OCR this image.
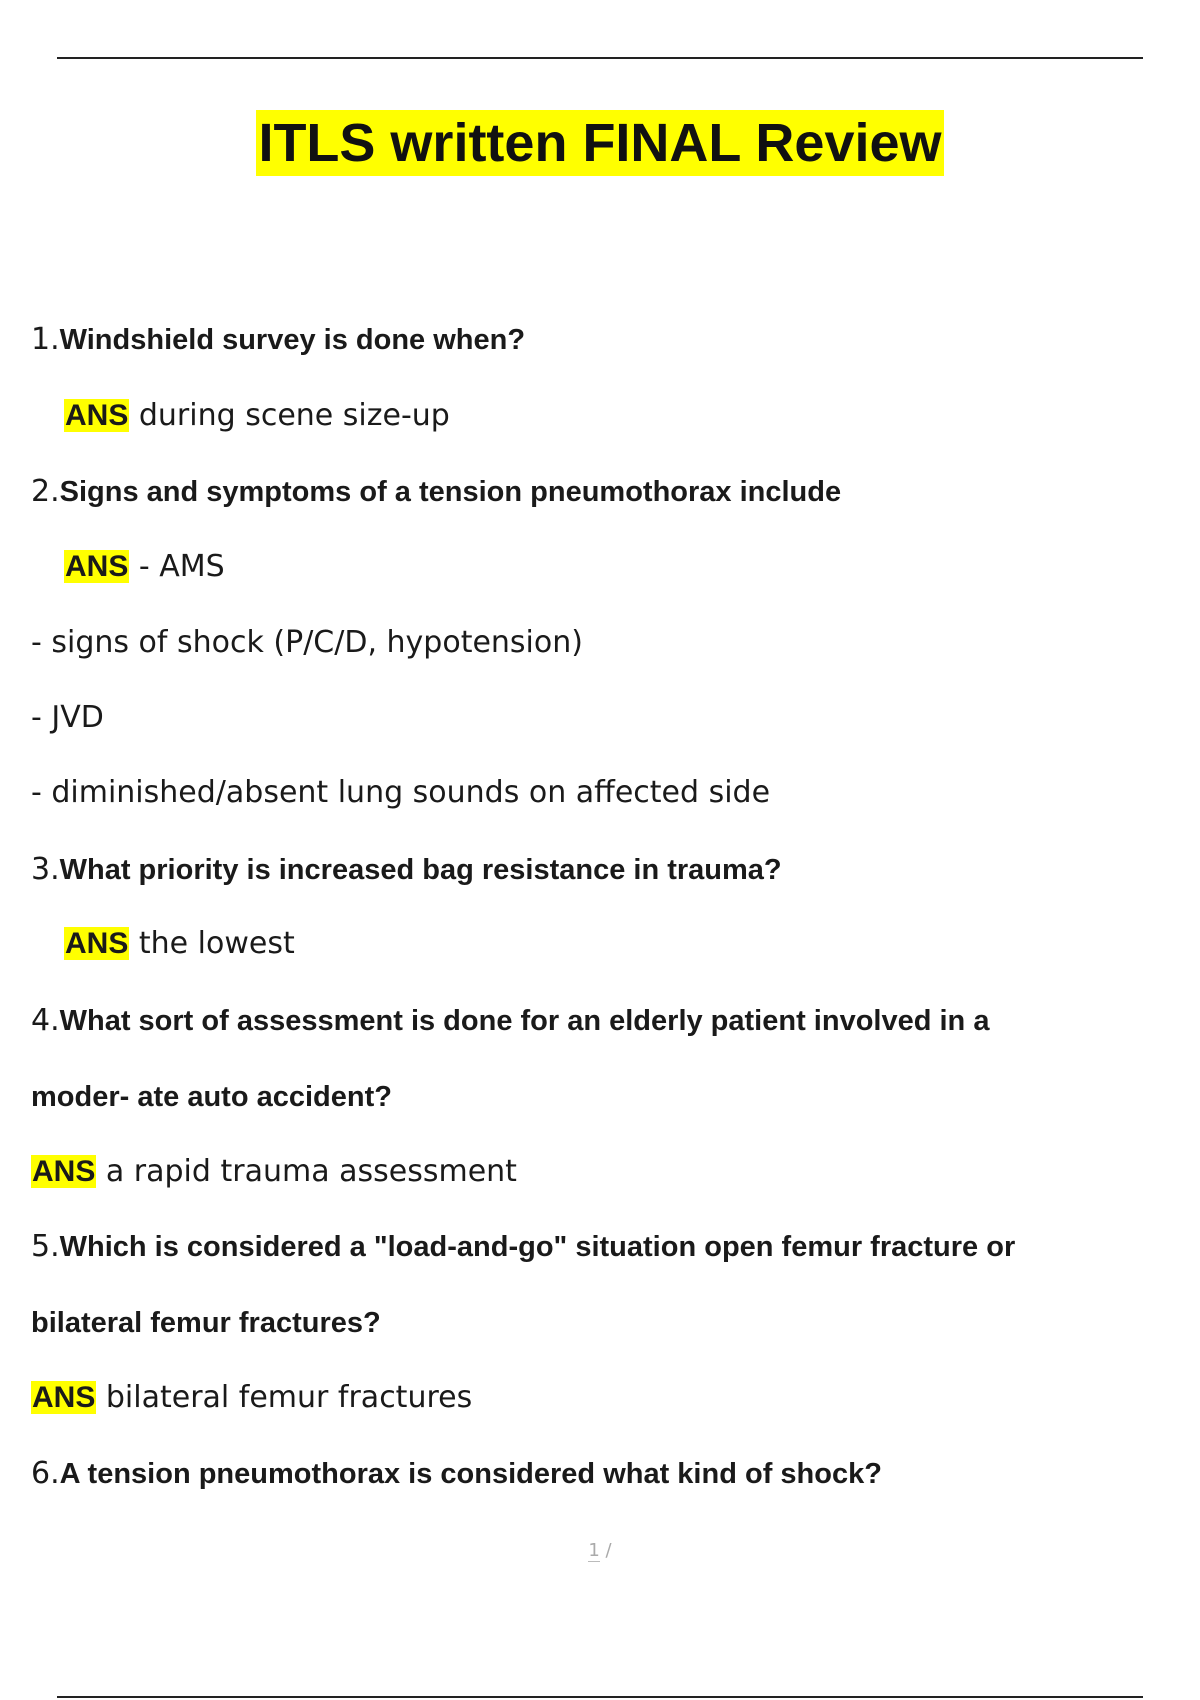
ITLS written FINAL Review
1.Windshield survey is done when?
ANS during scene size-up
2.Signs and symptoms of a tension pneumothorax include
ANS - AMS
- signs of shock (P/C/D, hypotension)
- JVD
- diminished/absent lung sounds on affected side
3.What priority is increased bag resistance in trauma?
ANS the lowest
4.What sort of assessment is done for an elderly patient involved in a
moder- ate auto accident?
ANS a rapid trauma assessment
5.Which is considered a "load-and-go" situation open femur fracture or
bilateral femur fractures?
ANS bilateral femur fractures
6.A tension pneumothorax is considered what kind of shock?
1 /
